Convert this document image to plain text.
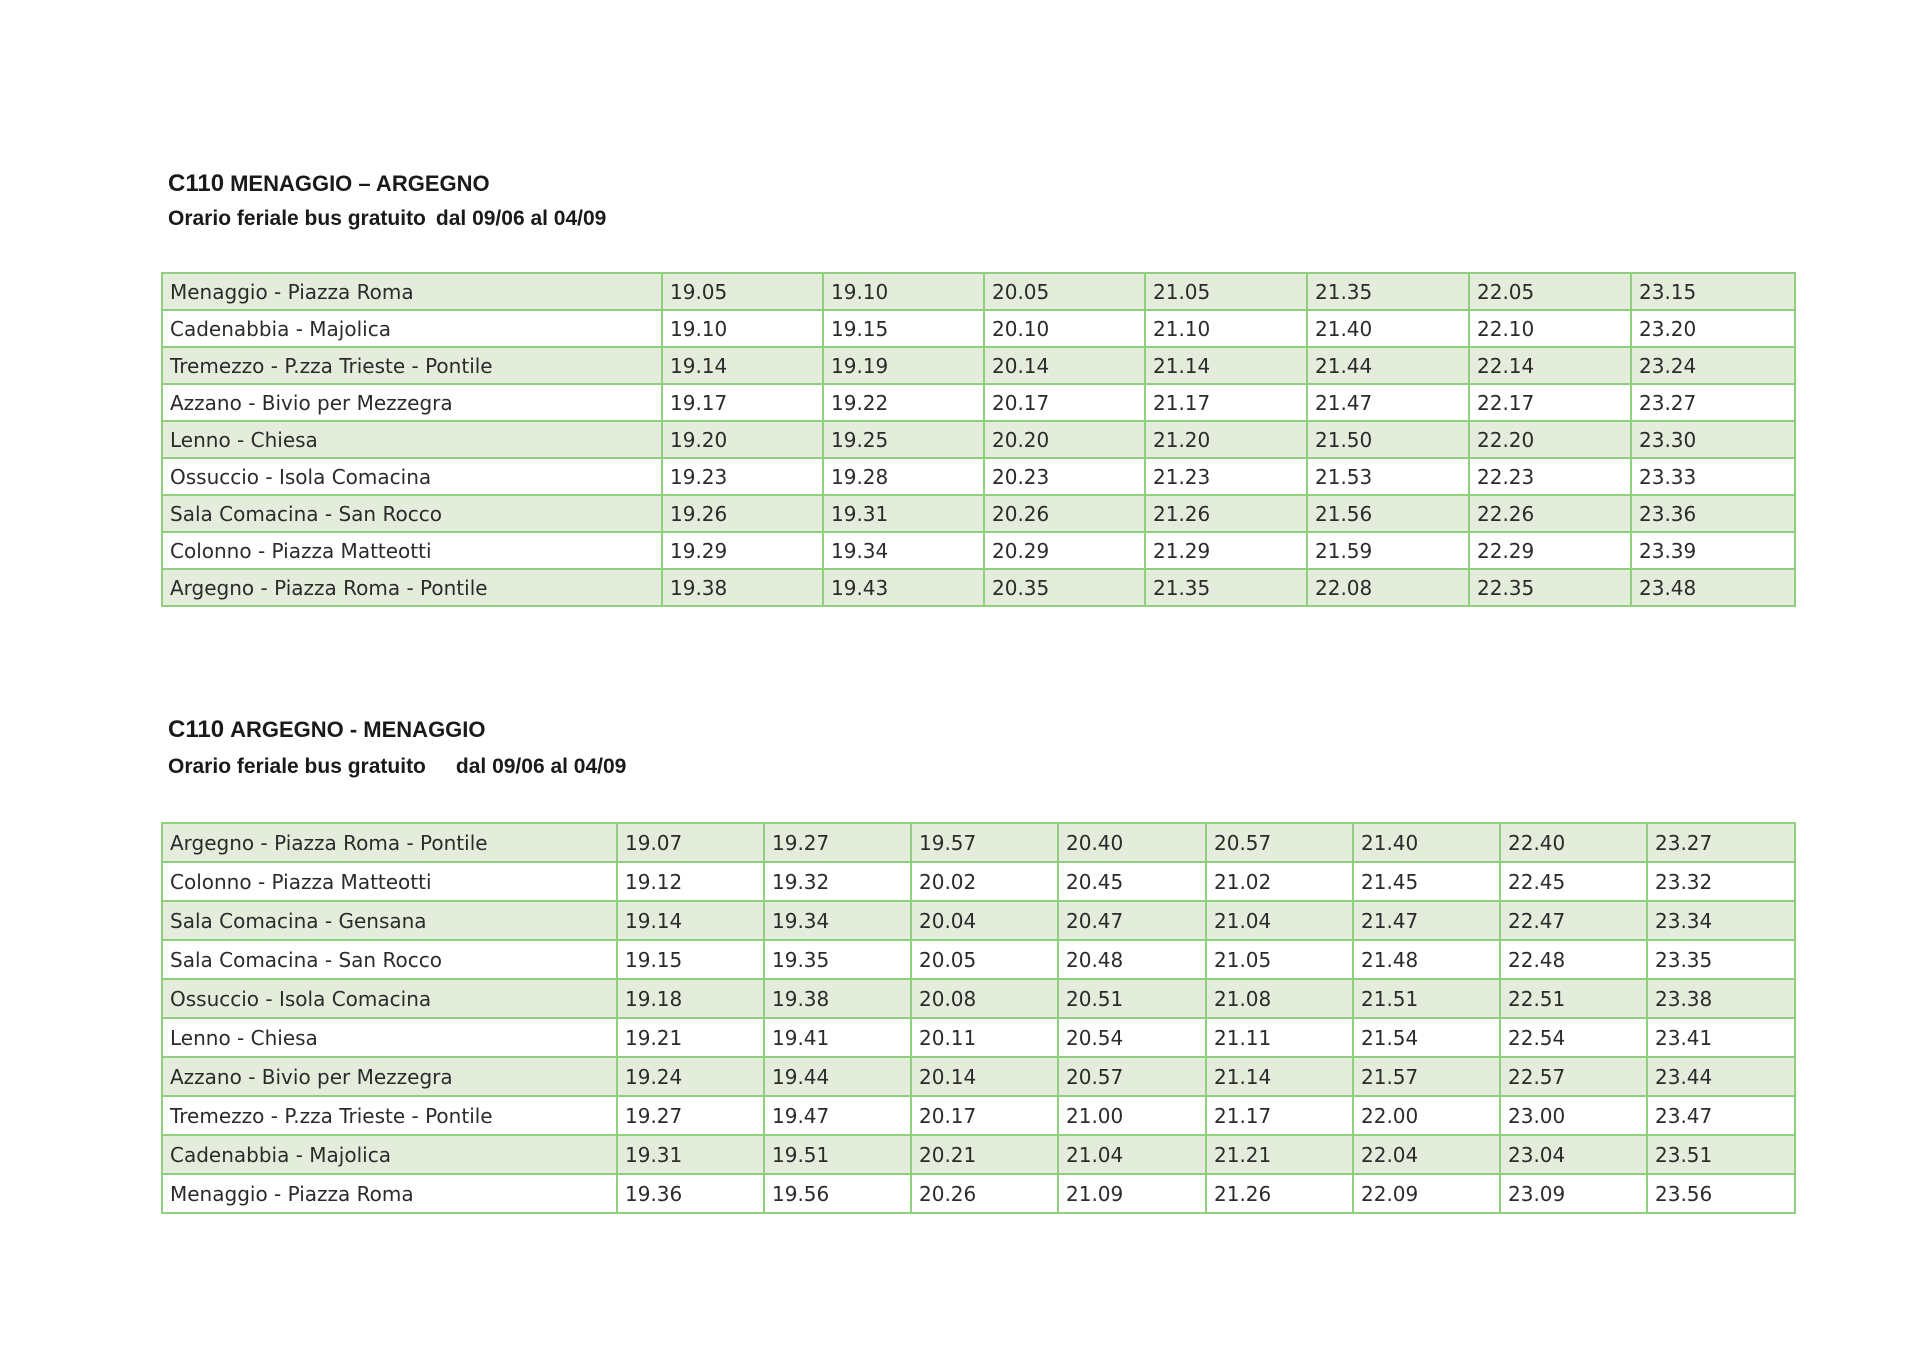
C110 MENAGGIO – ARGEGNO
Orario feriale bus gratuito dal 09/06 al 04/09
Menaggio - Piazza Roma	19.05	19.10	20.05	21.05	21.35	22.05	23.15
Cadenabbia - Majolica	19.10	19.15	20.10	21.10	21.40	22.10	23.20
Tremezzo - P.zza Trieste - Pontile	19.14	19.19	20.14	21.14	21.44	22.14	23.24
Azzano - Bivio per Mezzegra	19.17	19.22	20.17	21.17	21.47	22.17	23.27
Lenno - Chiesa	19.20	19.25	20.20	21.20	21.50	22.20	23.30
Ossuccio - Isola Comacina	19.23	19.28	20.23	21.23	21.53	22.23	23.33
Sala Comacina - San Rocco	19.26	19.31	20.26	21.26	21.56	22.26	23.36
Colonno - Piazza Matteotti	19.29	19.34	20.29	21.29	21.59	22.29	23.39
Argegno - Piazza Roma - Pontile	19.38	19.43	20.35	21.35	22.08	22.35	23.48
C110 ARGEGNO - MENAGGIO
Orario feriale bus gratuito dal 09/06 al 04/09
Argegno - Piazza Roma - Pontile	19.07	19.27	19.57	20.40	20.57	21.40	22.40	23.27
Colonno - Piazza Matteotti	19.12	19.32	20.02	20.45	21.02	21.45	22.45	23.32
Sala Comacina - Gensana	19.14	19.34	20.04	20.47	21.04	21.47	22.47	23.34
Sala Comacina - San Rocco	19.15	19.35	20.05	20.48	21.05	21.48	22.48	23.35
Ossuccio - Isola Comacina	19.18	19.38	20.08	20.51	21.08	21.51	22.51	23.38
Lenno - Chiesa	19.21	19.41	20.11	20.54	21.11	21.54	22.54	23.41
Azzano - Bivio per Mezzegra	19.24	19.44	20.14	20.57	21.14	21.57	22.57	23.44
Tremezzo - P.zza Trieste - Pontile	19.27	19.47	20.17	21.00	21.17	22.00	23.00	23.47
Cadenabbia - Majolica	19.31	19.51	20.21	21.04	21.21	22.04	23.04	23.51
Menaggio - Piazza Roma	19.36	19.56	20.26	21.09	21.26	22.09	23.09	23.56
